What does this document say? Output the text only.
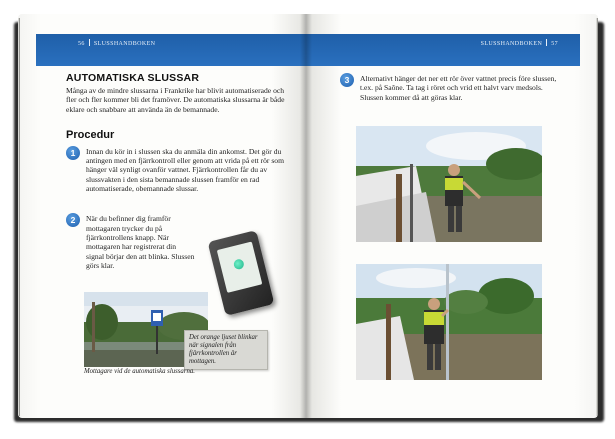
56 SLUSSHANDBOKEN
AUTOMATISKA SLUSSAR
Många av de mindre slussarna i Frankrike har blivit automatiserade och fler och fler kommer bli det framöver. De automatiska slussarna är både eklare och snabbare att använda än de bemannade.
Procedur
1	Innan du kör in i slussen ska du anmäla din ankomst. Det gör du antingen med en fjärrkontroll eller genom att vrida på ett rör som hänger väl synligt ovanför vattnet. Fjärrkontrollen får du av slussvakten i den sista bemannade slussen framför en rad automatiserade, obemannade slussar.
2	När du befinner dig framför mottagaren trycker du på fjärrkontrollens knapp. När mottagaren har registrerat din signal börjar den att blinka. Slussen görs klar.
Det orange ljuset blinkar när signalen från fjärrkontrollen är mottagen.
Mottagare vid de automatiska slussarna.
SLUSSHANDBOKEN 57
3	Alternativt hänger det ner ett rör över vattnet precis före slussen, t.ex. på Saône. Ta tag i röret och vrid ett halvt varv medsols. Slussen kommer då att göras klar.
